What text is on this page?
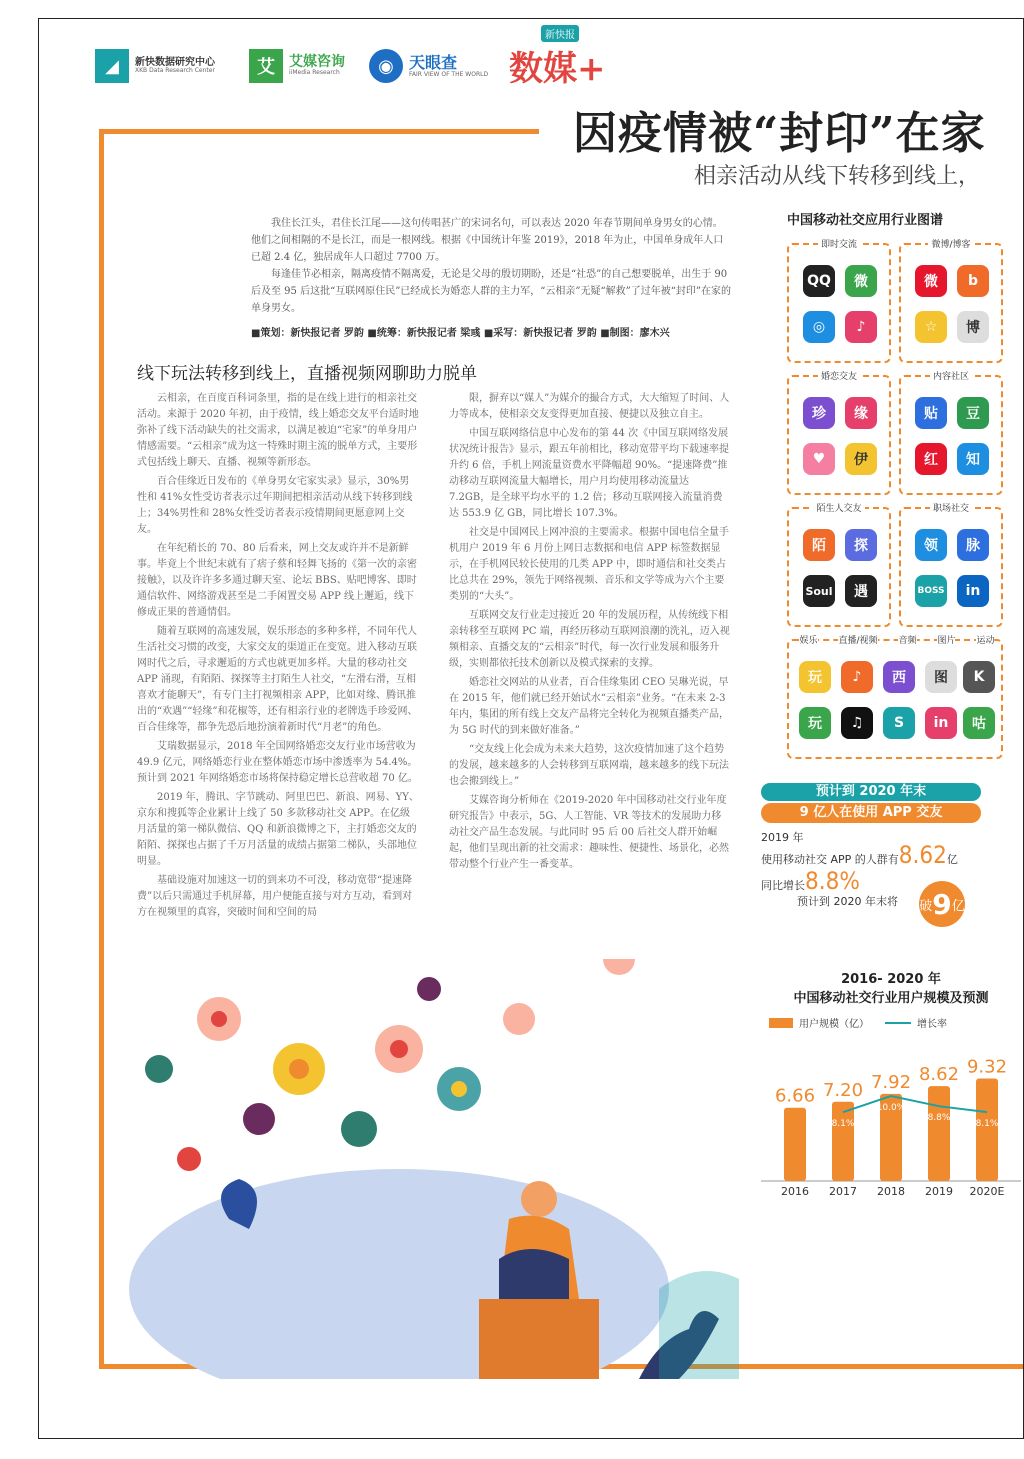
◢	新快数据研究中心
XKB Data Research Center	艾	艾媒咨询
iiMedia Research	◉ 天眼查
FAIR VIEW OF THE WORLD
新快报
数媒+
因疫情被“封印”在家
相亲活动从线下转移到线上，

我住长江头，君住长江尾——这句传唱甚广的宋词名句，可以表达 2020 年春节期间单身男女的心情。他们之间相隔的不是长江，而是一根网线。根据《中国统计年鉴 2019》，2018 年为止，中国单身成年人口已超 2.4 亿，独居成年人口超过 7700 万。

每逢佳节必相亲，隔离疫情不隔离爱，无论是父母的殷切期盼，还是“社恐”的自己想要脱单，出生于 90 后及至 95 后这批“互联网原住民”已经成长为婚恋人群的主力军，“云相亲”无疑“解救”了过年被“封印”在家的单身男女。

■策划：新快报记者 罗韵 ■统筹：新快报记者 梁彧 ■采写：新快报记者 罗韵 ■制图：廖木兴
线下玩法转移到线上，直播视频网聊助力脱单

云相亲，在百度百科词条里，指的是在线上进行的相亲社交活动。来源于 2020 年初，由于疫情，线上婚恋交友平台适时地弥补了线下活动缺失的社交需求，以满足被迫“宅家”的单身用户情感需要。“云相亲”成为这一特殊时期主流的脱单方式，主要形式包括线上聊天、直播、视频等新形态。

百合佳缘近日发布的《单身男女宅家实录》显示，30%男性和 41%女性受访者表示过年期间把相亲活动从线下转移到线上；34%男性和 28%女性受访者表示疫情期间更愿意网上交友。

在年纪稍长的 70、80 后看来，网上交友或许并不是新鲜事。毕竟上个世纪末就有了痞子蔡和轻舞飞扬的《第一次的亲密接触》，以及许许多多通过聊天室、论坛 BBS、贴吧博客、即时通信软件、网络游戏甚至是二手闲置交易 APP 线上邂逅，线下修成正果的普通情侣。

随着互联网的高速发展，娱乐形态的多种多样，不同年代人生活社交习惯的改变，大家交友的渠道正在变宽。进入移动互联网时代之后，寻求邂逅的方式也就更加多样。大量的移动社交 APP 涌现，有陌陌、探探等主打陌生人社交，“左滑右滑，互相喜欢才能聊天”，有专门主打视频相亲 APP，比如对缘、腾讯推出的“欢遇”“轻缘”和花椒等，还有相亲行业的老牌选手珍爱网、百合佳缘等，都争先恐后地扮演着新时代“月老”的角色。

艾瑞数据显示，2018 年全国网络婚恋交友行业市场营收为 49.9 亿元，网络婚恋行业在整体婚恋市场中渗透率为 54.4%。预计到 2021 年网络婚恋市场将保持稳定增长总营收超 70 亿。

2019 年，腾讯、字节跳动、阿里巴巴、新浪、网易、YY、京东和搜狐等企业累计上线了 50 多款移动社交 APP。在亿级月活量的第一梯队微信、QQ 和新浪微博之下，主打婚恋交友的陌陌、探探也占据了千万月活量的成绩占据第二梯队，头部地位明显。

基础设施对加速这一切的到来功不可没，移动宽带“提速降费”以后只需通过手机屏幕，用户便能直接与对方互动，看到对方在视频里的真容，突破时间和空间的局

限，摒弃以“媒人”为媒介的撮合方式，大大缩短了时间、人力等成本，使相亲交友变得更加直接、便捷以及独立自主。

中国互联网络信息中心发布的第 44 次《中国互联网络发展状况统计报告》显示，跟五年前相比，移动宽带平均下载速率提升约 6 倍，手机上网流量资费水平降幅超 90%。“提速降费”推动移动互联网流量大幅增长，用户月均使用移动流量达 7.2GB，是全球平均水平的 1.2 倍；移动互联网接入流量消费达 553.9 亿 GB，同比增长 107.3%。

社交是中国网民上网冲浪的主要需求。根据中国电信全量手机用户 2019 年 6 月份上网日志数据和电信 APP 标签数据显示，在手机网民较长使用的几类 APP 中，即时通信和社交类占比总共在 29%，领先于网络视频、音乐和文学等成为六个主要类别的“大头”。

互联网交友行业走过接近 20 年的发展历程，从传统线下相亲转移至互联网 PC 端，再经历移动互联网浪潮的洗礼，迈入视频相亲、直播交友的“云相亲”时代，每一次行业发展和服务升级，实则都依托技术创新以及模式探索的支撑。

婚恋社交网站的从业者，百合佳缘集团 CEO 吴琳光说，早在 2015 年，他们就已经开始试水“云相亲”业务。“在未来 2-3 年内，集团的所有线上交友产品将完全转化为视频直播类产品，为 5G 时代的到来做好准备。”

“交友线上化会成为未来大趋势，这次疫情加速了这个趋势的发展，越来越多的人会转移到互联网端，越来越多的线下玩法也会搬到线上。”

艾媒咨询分析师在《2019-2020 年中国移动社交行业年度研究报告》中表示，5G、人工智能、VR 等技术的发展助力移动社交产品生态发展。与此同时 95 后 00 后社交人群开始崛起，他们呈现出新的社交需求：趣味性、便捷性、场景化，必然带动整个行业产生一番变革。

中国移动社交应用行业图谱
即时交流
QQ	微
◎	♪
微博/博客
微	b
☆	博
婚恋交友
珍	缘
♥	伊
内容社区
贴	豆
红	知
陌生人交友
陌	探
Soul	遇
职场社交
领	脉
BOSS	in
娱乐 直播/视频 音频 图片 运动
玩	♪	西	图	K
玩	♫	S	in	咕
预计到 2020 年末
9 亿人在使用 APP 交友
2019 年
使用移动社交 APP 的人群有8.62亿
同比增长8.8%
预计到 2020 年末将 破 9 亿
2016- 2020 年
中国移动社交行业用户规模及预测
用户规模（亿）	增长率
6.66
2016
7.20
2017
8.1%
7.92
2018
10.0%
8.62
2019
8.8%
9.32
2020E
8.1%
